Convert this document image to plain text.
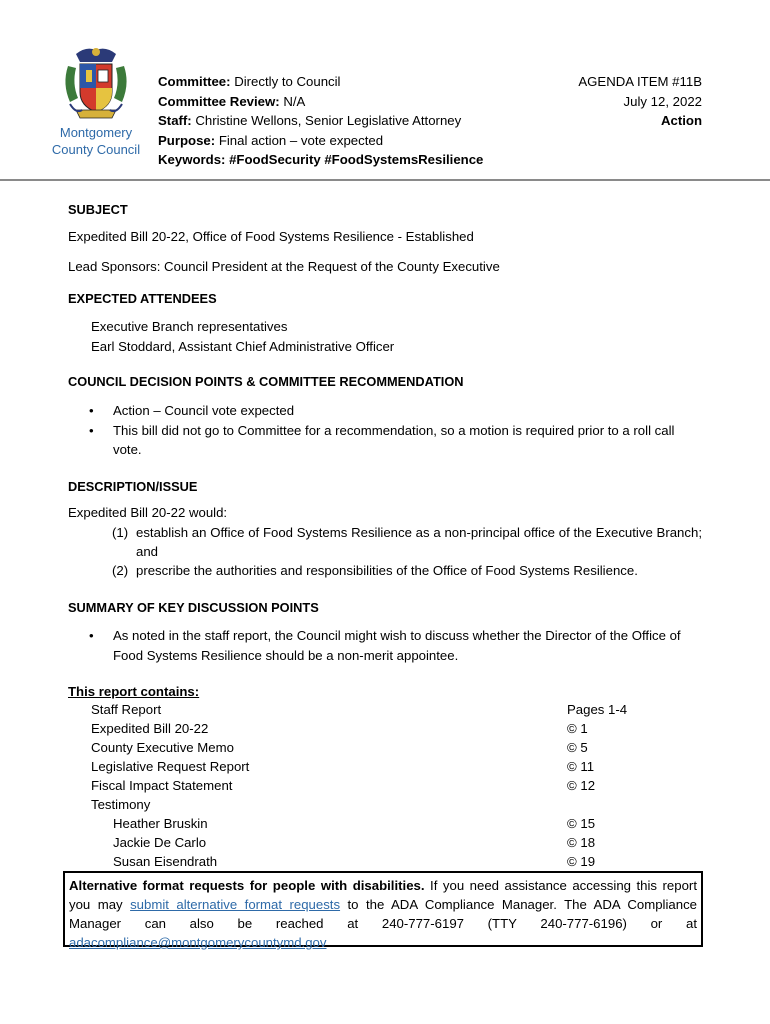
Montgomery
County Council
Committee: Directly to Council
Committee Review: N/A
Staff: Christine Wellons, Senior Legislative Attorney
Purpose: Final action – vote expected
Keywords: #FoodSecurity #FoodSystemsResilience
AGENDA ITEM #11B
July 12, 2022
Action
SUBJECT
Expedited Bill 20-22, Office of Food Systems Resilience - Established
Lead Sponsors: Council President at the Request of the County Executive
EXPECTED ATTENDEES
Executive Branch representatives
Earl Stoddard, Assistant Chief Administrative Officer
COUNCIL DECISION POINTS & COMMITTEE RECOMMENDATION
• Action – Council vote expected
• This bill did not go to Committee for a recommendation, so a motion is required prior to a roll call vote.
DESCRIPTION/ISSUE
Expedited Bill 20-22 would:
(1) establish an Office of Food Systems Resilience as a non-principal office of the Executive Branch; and
(2) prescribe the authorities and responsibilities of the Office of Food Systems Resilience.
SUMMARY OF KEY DISCUSSION POINTS
• As noted in the staff report, the Council might wish to discuss whether the Director of the Office of Food Systems Resilience should be a non-merit appointee.
This report contains:
Staff Report	Pages 1-4
Expedited Bill 20-22	© 1
County Executive Memo	© 5
Legislative Request Report	© 11
Fiscal Impact Statement	© 12
Testimony
Heather Bruskin	© 15
Jackie De Carlo	© 18
Susan Eisendrath	© 19
Alternative format requests for people with disabilities. If you need assistance accessing this report you may submit alternative format requests to the ADA Compliance Manager. The ADA Compliance Manager can also be reached at 240-777-6197 (TTY 240-777-6196) or at adacompliance@montgomerycountymd.gov
